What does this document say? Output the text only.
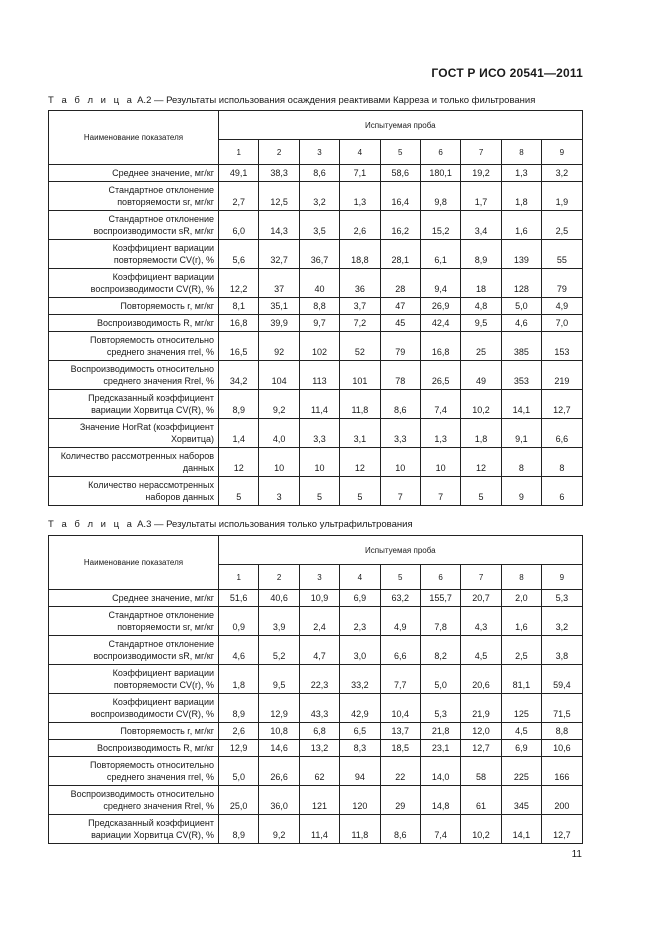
ГОСТ Р ИСО 20541—2011
Т а б л и ц а А.2 — Результаты использования осаждения реактивами Карреза и только фильтрования
Наименование показателя	Испытуемая проба								
	1	2	3	4	5	6	7	8	9
Среднее значение, мг/кг	49,1	38,3	8,6	7,1	58,6	180,1	19,2	1,3	3,2
Стандартное отклонение повторяемости sr, мг/кг	2,7	12,5	3,2	1,3	16,4	9,8	1,7	1,8	1,9
Стандартное отклонение воспроизводимости sR, мг/кг	6,0	14,3	3,5	2,6	16,2	15,2	3,4	1,6	2,5
Коэффициент вариации повторяемости CV(r), %	5,6	32,7	36,7	18,8	28,1	6,1	8,9	139	55
Коэффициент вариации воспроизводимости CV(R), %	12,2	37	40	36	28	9,4	18	128	79
Повторяемость r, мг/кг	8,1	35,1	8,8	3,7	47	26,9	4,8	5,0	4,9
Воспроизводимость R, мг/кг	16,8	39,9	9,7	7,2	45	42,4	9,5	4,6	7,0
Повторяемость относительно среднего значения rrel, %	16,5	92	102	52	79	16,8	25	385	153
Воспроизводимость относительно среднего значения Rrel, %	34,2	104	113	101	78	26,5	49	353	219
Предсказанный коэффициент вариации Хорвитца CV(R), %	8,9	9,2	11,4	11,8	8,6	7,4	10,2	14,1	12,7
Значение HorRat (коэффициент Хорвитца)	1,4	4,0	3,3	3,1	3,3	1,3	1,8	9,1	6,6
Количество рассмотренных наборов данных	12	10	10	12	10	10	12	8	8
Количество нерассмотренных наборов данных	5	3	5	5	7	7	5	9	6
Т а б л и ц а А.3 — Результаты использования только ультрафильтрования
Наименование показателя	Испытуемая проба								
	1	2	3	4	5	6	7	8	9
Среднее значение, мг/кг	51,6	40,6	10,9	6,9	63,2	155,7	20,7	2,0	5,3
Стандартное отклонение повторяемости sr, мг/кг	0,9	3,9	2,4	2,3	4,9	7,8	4,3	1,6	3,2
Стандартное отклонение воспроизводимости sR, мг/кг	4,6	5,2	4,7	3,0	6,6	8,2	4,5	2,5	3,8
Коэффициент вариации повторяемости CV(r), %	1,8	9,5	22,3	33,2	7,7	5,0	20,6	81,1	59,4
Коэффициент вариации воспроизводимости CV(R), %	8,9	12,9	43,3	42,9	10,4	5,3	21,9	125	71,5
Повторяемость r, мг/кг	2,6	10,8	6,8	6,5	13,7	21,8	12,0	4,5	8,8
Воспроизводимость R, мг/кг	12,9	14,6	13,2	8,3	18,5	23,1	12,7	6,9	10,6
Повторяемость относительно среднего значения rrel, %	5,0	26,6	62	94	22	14,0	58	225	166
Воспроизводимость относительно среднего значения Rrel, %	25,0	36,0	121	120	29	14,8	61	345	200
Предсказанный коэффициент вариации Хорвитца CV(R), %	8,9	9,2	11,4	11,8	8,6	7,4	10,2	14,1	12,7
11
